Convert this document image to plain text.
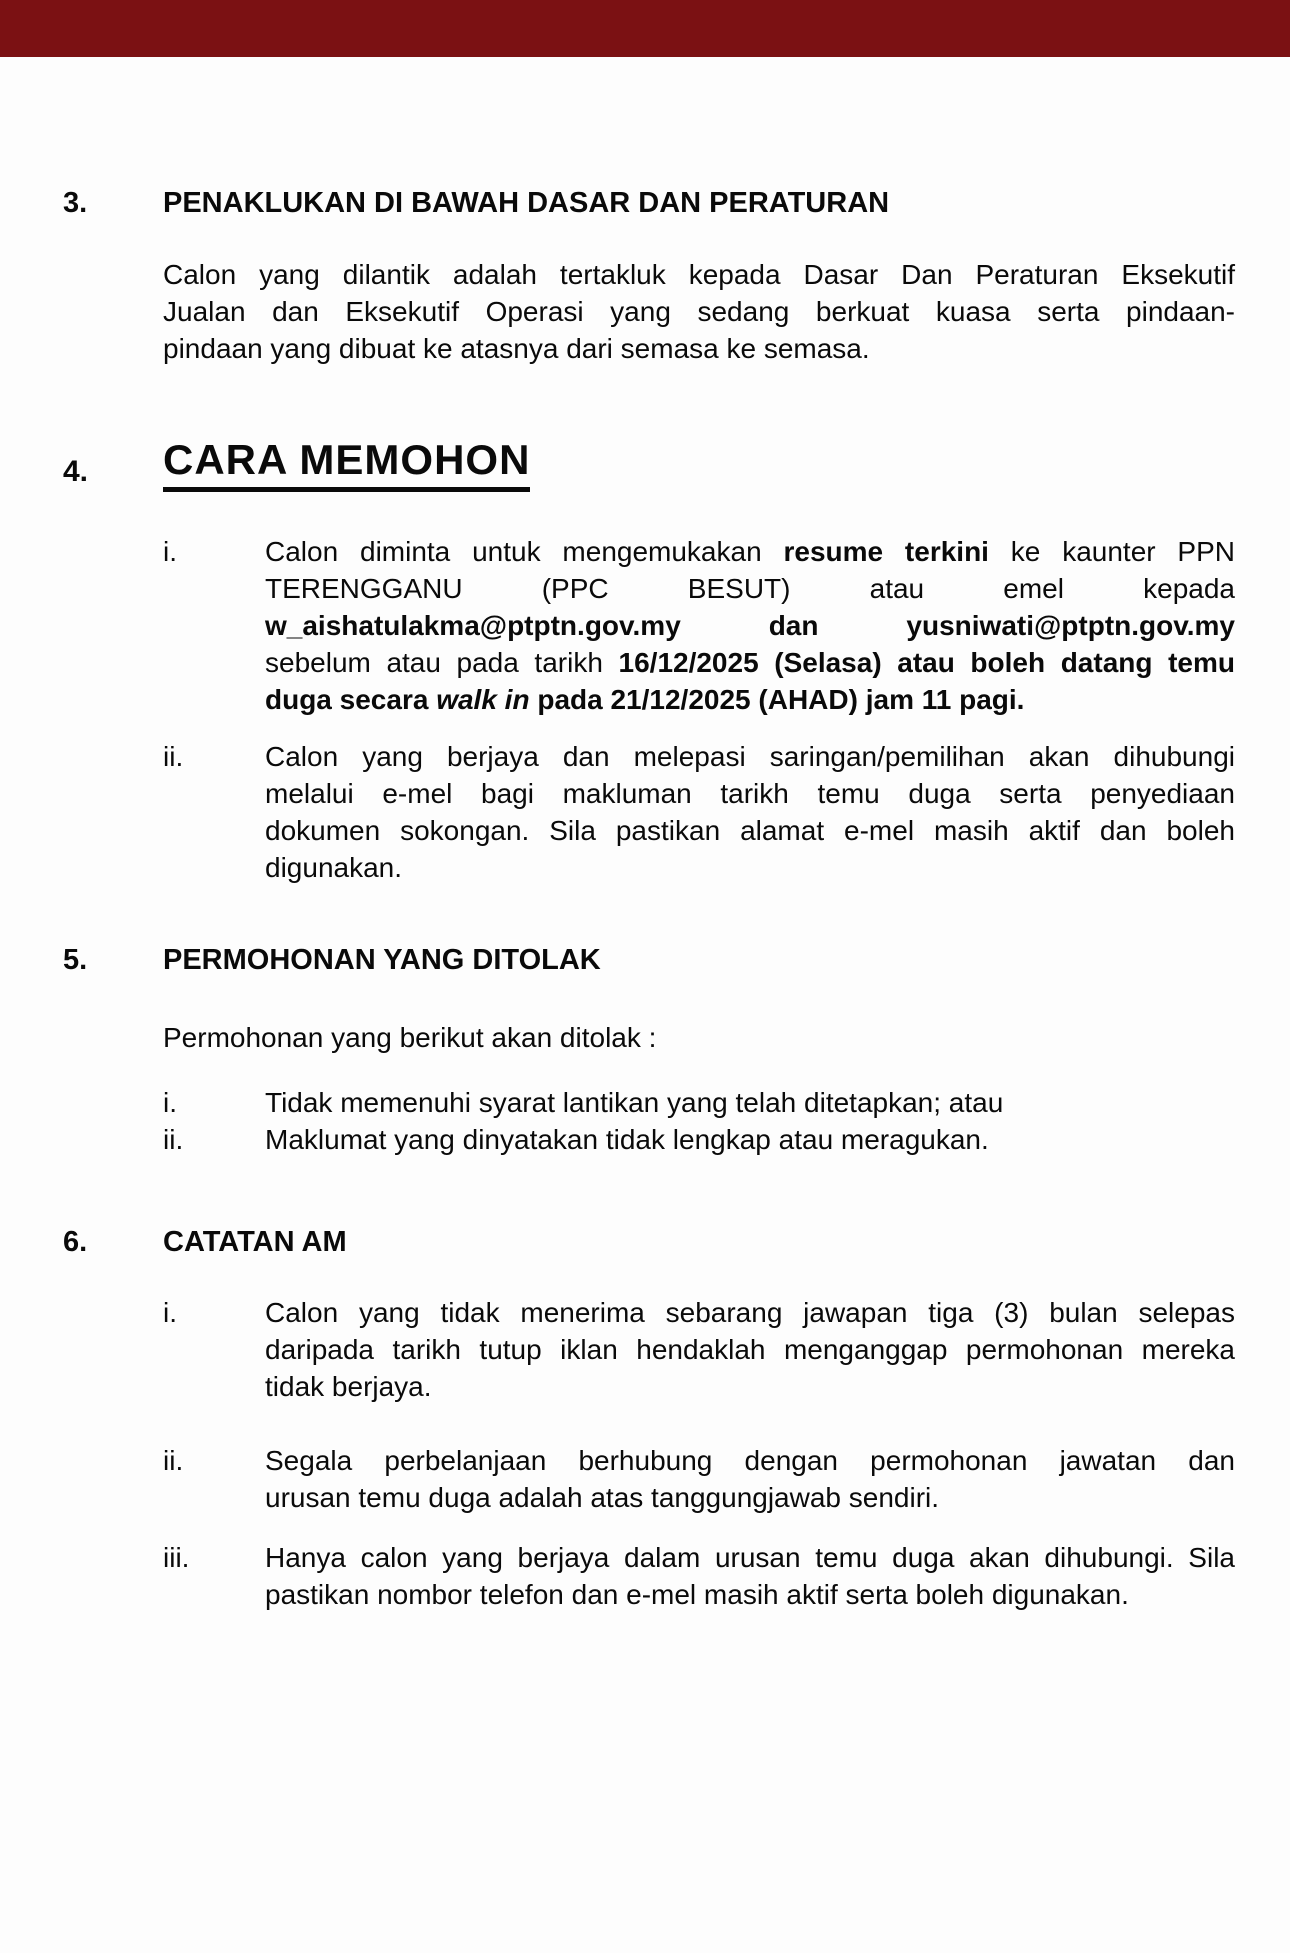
3.	PENAKLUKAN DI BAWAH DASAR DAN PERATURAN
Calon yang dilantik adalah tertakluk kepada Dasar Dan Peraturan Eksekutif
Jualan dan Eksekutif Operasi yang sedang berkuat kuasa serta pindaan-
pindaan yang dibuat ke atasnya dari semasa ke semasa.
4.	CARA MEMOHON
i.	Calon diminta untuk mengemukakan resume terkini ke kaunter PPN
TERENGGANU (PPC BESUT) atau emel kepada
w_aishatulakma@ptptn.gov.my dan yusniwati@ptptn.gov.my
sebelum atau pada tarikh 16/12/2025 (Selasa) atau boleh datang temu
duga secara walk in pada 21/12/2025 (AHAD) jam 11 pagi.
ii.	Calon yang berjaya dan melepasi saringan/pemilihan akan dihubungi
melalui e-mel bagi makluman tarikh temu duga serta penyediaan
dokumen sokongan. Sila pastikan alamat e-mel masih aktif dan boleh
digunakan.
5.	PERMOHONAN YANG DITOLAK
Permohonan yang berikut akan ditolak :
i.	Tidak memenuhi syarat lantikan yang telah ditetapkan; atau
ii.	Maklumat yang dinyatakan tidak lengkap atau meragukan.
6.	CATATAN AM
i.	Calon yang tidak menerima sebarang jawapan tiga (3) bulan selepas
daripada tarikh tutup iklan hendaklah menganggap permohonan mereka
tidak berjaya.
ii.	Segala perbelanjaan berhubung dengan permohonan jawatan dan
urusan temu duga adalah atas tanggungjawab sendiri.
iii.	Hanya calon yang berjaya dalam urusan temu duga akan dihubungi. Sila
pastikan nombor telefon dan e-mel masih aktif serta boleh digunakan.
